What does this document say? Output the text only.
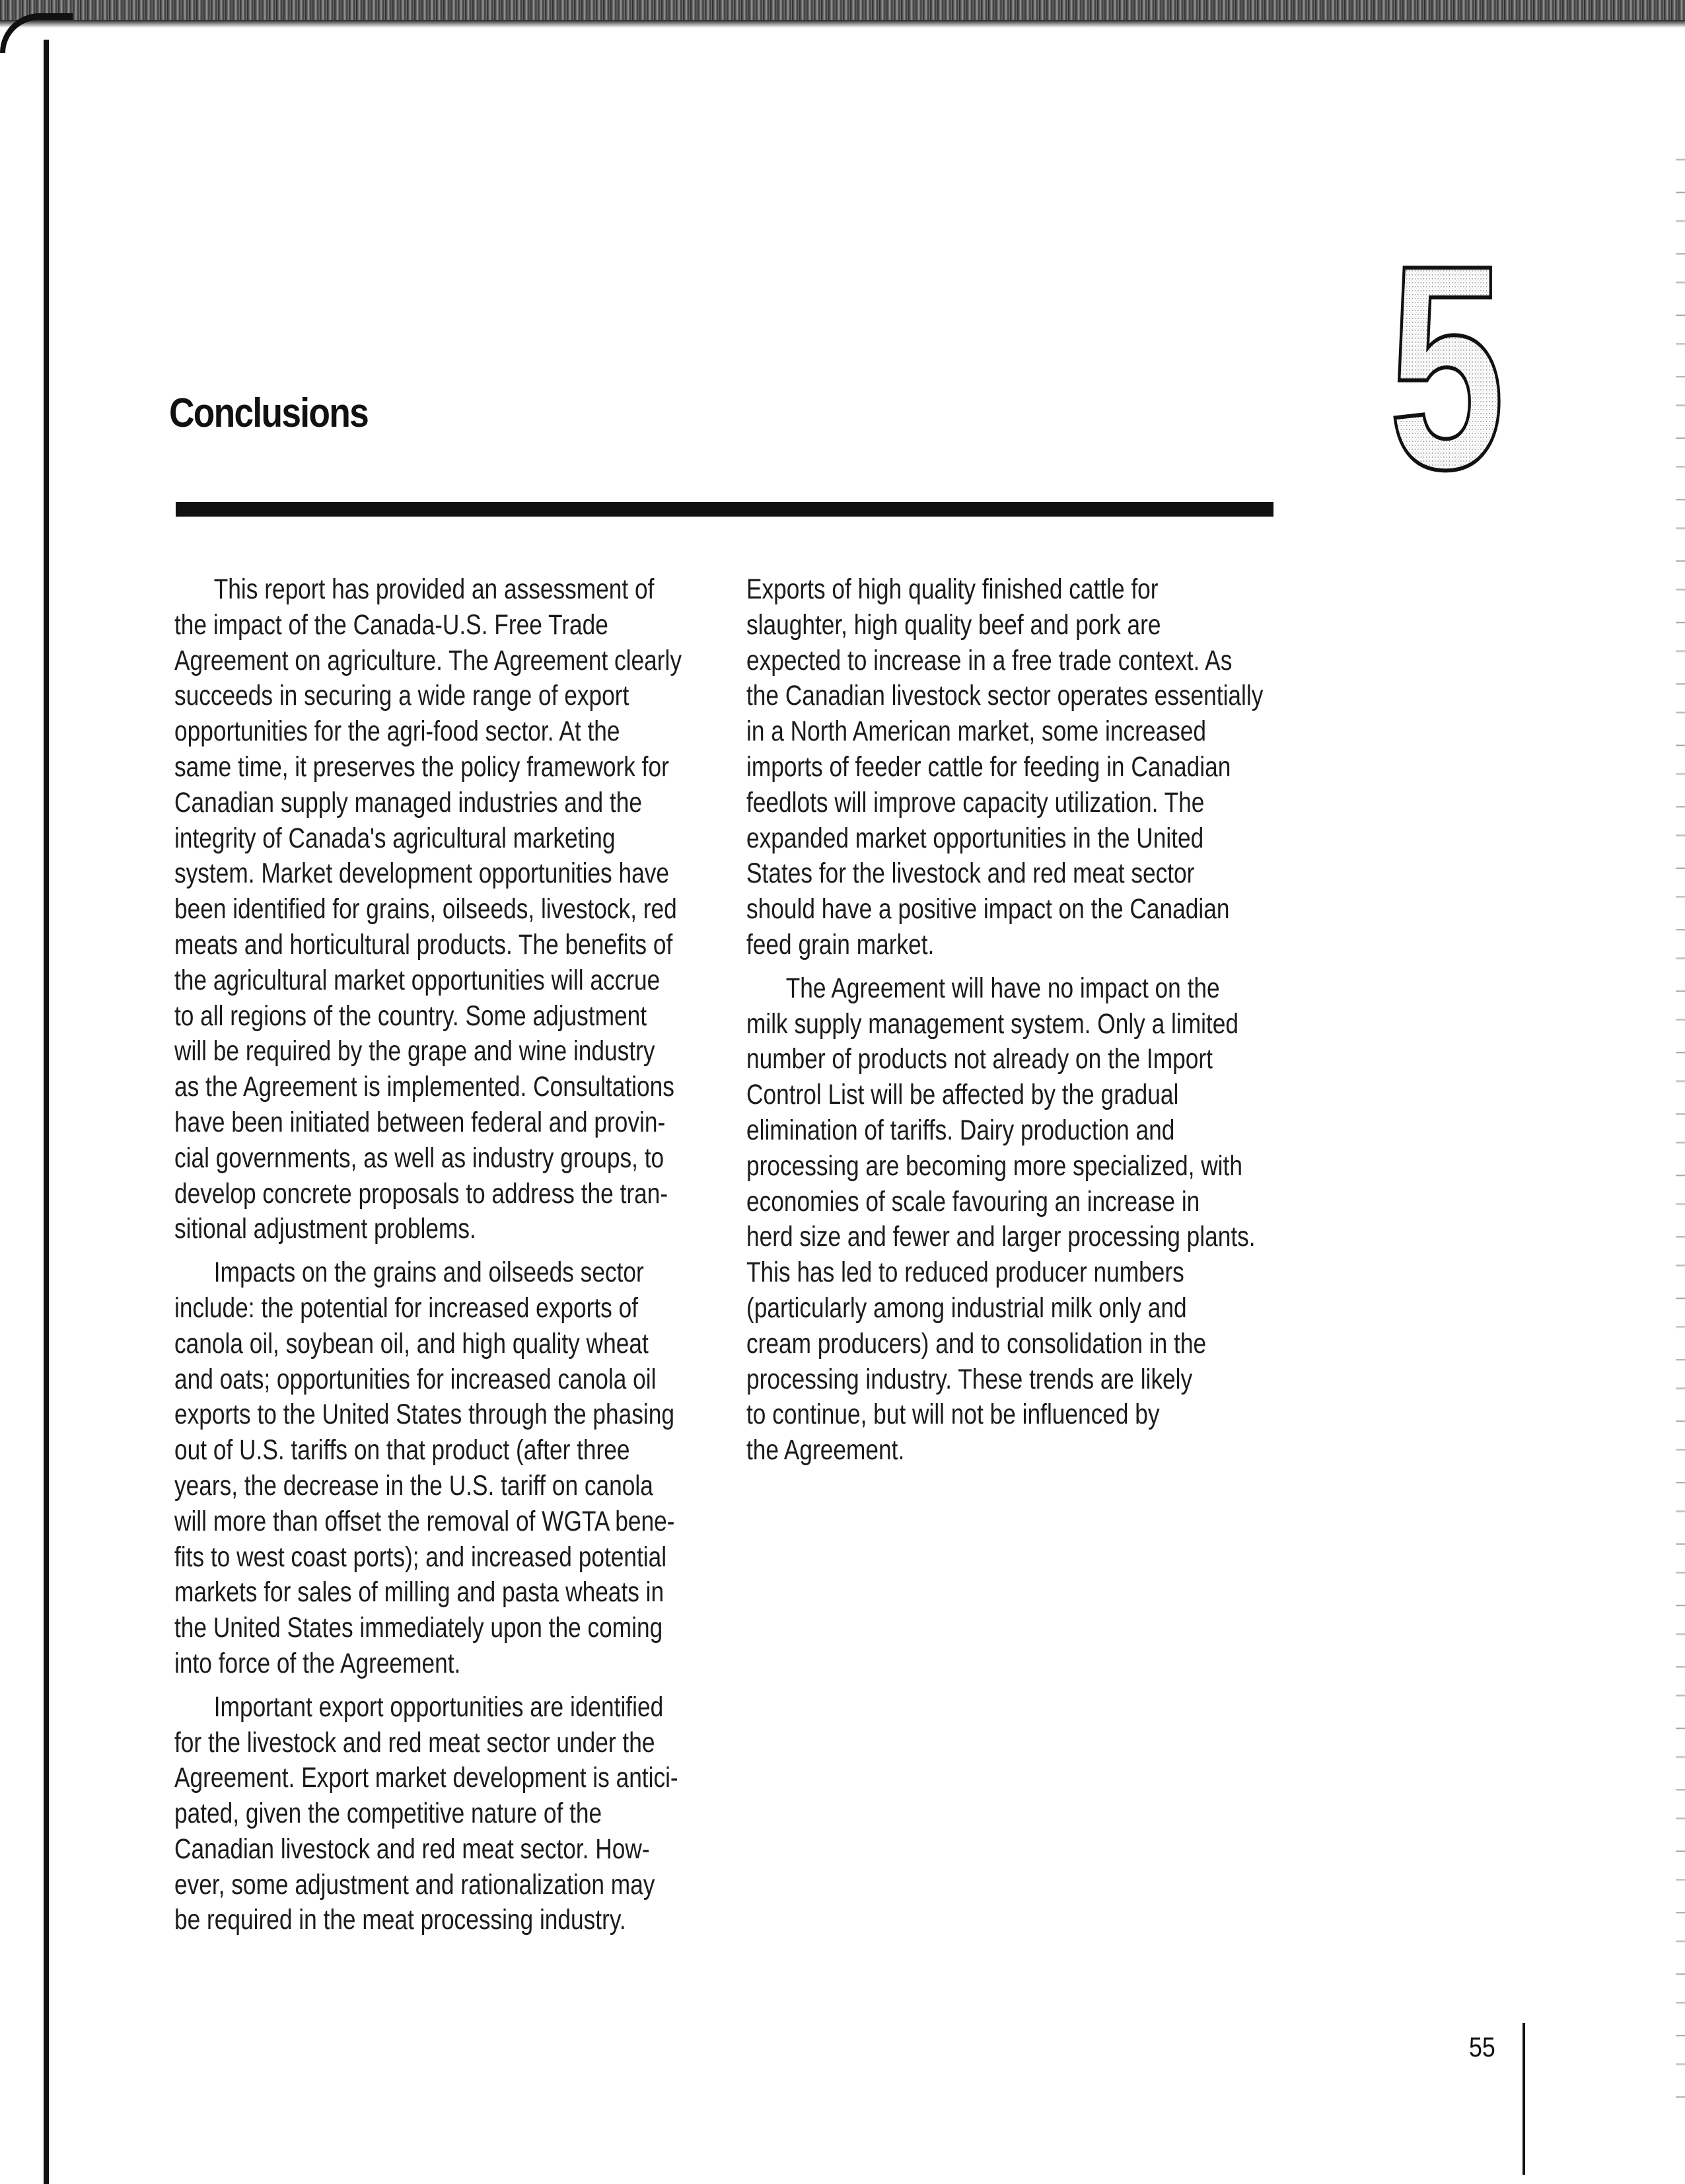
Conclusions	5
This report has provided an assessment of
the impact of the Canada-U.S. Free Trade
Agreement on agriculture. The Agreement clearly
succeeds in securing a wide range of export
opportunities for the agri-food sector. At the
same time, it preserves the policy framework for
Canadian supply managed industries and the
integrity of Canada's agricultural marketing
system. Market development opportunities have
been identified for grains, oilseeds, livestock, red
meats and horticultural products. The benefits of
the agricultural market opportunities will accrue
to all regions of the country. Some adjustment
will be required by the grape and wine industry
as the Agreement is implemented. Consultations
have been initiated between federal and provin-
cial governments, as well as industry groups, to
develop concrete proposals to address the tran-
sitional adjustment problems.
Impacts on the grains and oilseeds sector
include: the potential for increased exports of
canola oil, soybean oil, and high quality wheat
and oats; opportunities for increased canola oil
exports to the United States through the phasing
out of U.S. tariffs on that product (after three
years, the decrease in the U.S. tariff on canola
will more than offset the removal of WGTA bene-
fits to west coast ports); and increased potential
markets for sales of milling and pasta wheats in
the United States immediately upon the coming
into force of the Agreement.
Important export opportunities are identified
for the livestock and red meat sector under the
Agreement. Export market development is antici-
pated, given the competitive nature of the
Canadian livestock and red meat sector. How-
ever, some adjustment and rationalization may
be required in the meat processing industry.
Exports of high quality finished cattle for
slaughter, high quality beef and pork are
expected to increase in a free trade context. As
the Canadian livestock sector operates essentially
in a North American market, some increased
imports of feeder cattle for feeding in Canadian
feedlots will improve capacity utilization. The
expanded market opportunities in the United
States for the livestock and red meat sector
should have a positive impact on the Canadian
feed grain market.
The Agreement will have no impact on the
milk supply management system. Only a limited
number of products not already on the Import
Control List will be affected by the gradual
elimination of tariffs. Dairy production and
processing are becoming more specialized, with
economies of scale favouring an increase in
herd size and fewer and larger processing plants.
This has led to reduced producer numbers
(particularly among industrial milk only and
cream producers) and to consolidation in the
processing industry. These trends are likely
to continue, but will not be influenced by
the Agreement.
55
